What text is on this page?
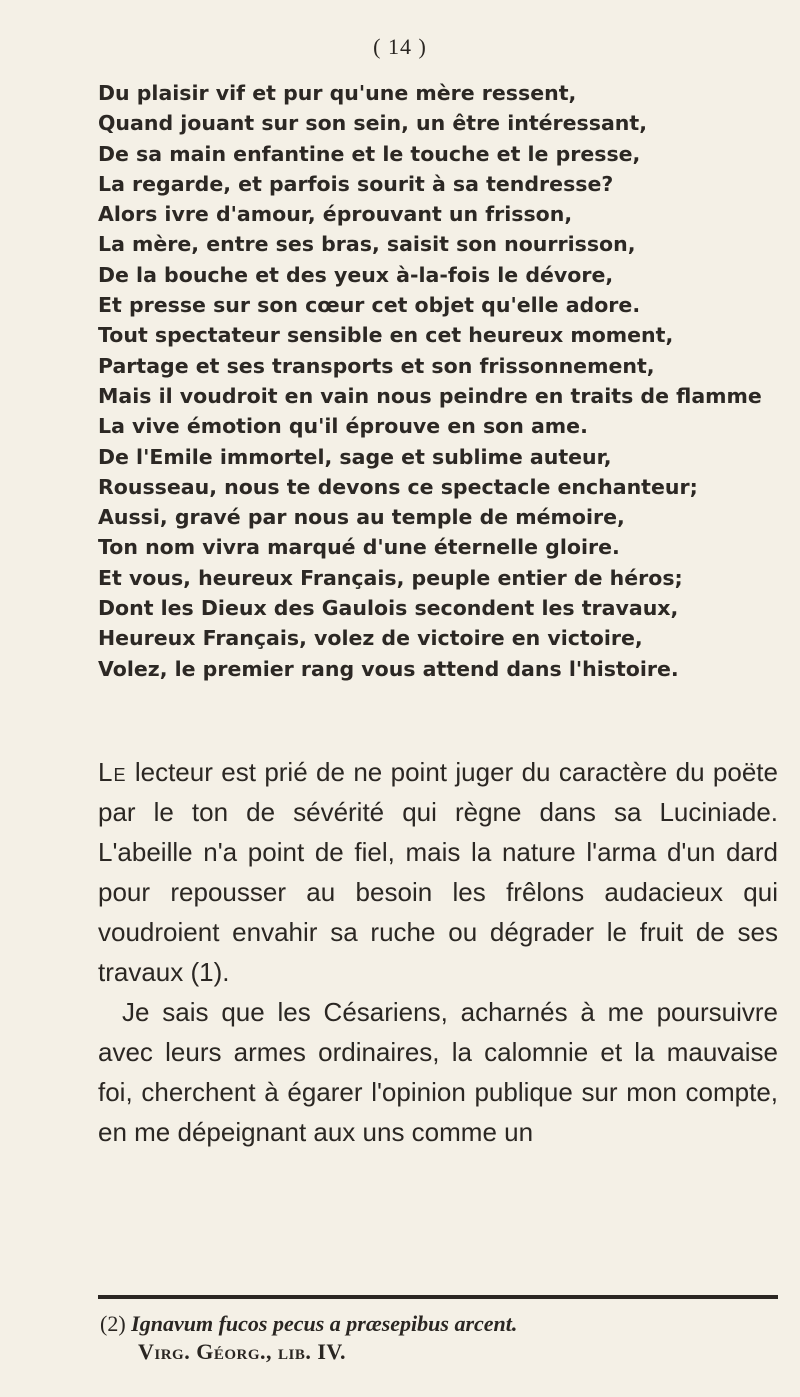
( 14 )
Du plaisir vif et pur qu'une mère ressent,
Quand jouant sur son sein, un être intéressant,
De sa main enfantine et le touche et le presse,
La regarde, et parfois sourit à sa tendresse?
Alors ivre d'amour, éprouvant un frisson,
La mère, entre ses bras, saisit son nourrisson,
De la bouche et des yeux à-la-fois le dévore,
Et presse sur son cœur cet objet qu'elle adore.
Tout spectateur sensible en cet heureux moment,
Partage et ses transports et son frissonnement,
Mais il voudroit en vain nous peindre en traits de flamme
La vive émotion qu'il éprouve en son ame.
De l'Emile immortel, sage et sublime auteur,
Rousseau, nous te devons ce spectacle enchanteur;
Aussi, gravé par nous au temple de mémoire,
Ton nom vivra marqué d'une éternelle gloire.
Et vous, heureux Français, peuple entier de héros;
Dont les Dieux des Gaulois secondent les travaux,
Heureux Français, volez de victoire en victoire,
Volez, le premier rang vous attend dans l'histoire.

Le lecteur est prié de ne point juger du caractère du poëte par le ton de sévérité qui règne dans sa Luciniade. L'abeille n'a point de fiel, mais la nature l'arma d'un dard pour repousser au besoin les frêlons audacieux qui voudroient envahir sa ruche ou dégrader le fruit de ses travaux (1).

Je sais que les Césariens, acharnés à me poursuivre avec leurs armes ordinaires, la calomnie et la mauvaise foi, cherchent à égarer l'opinion publique sur mon compte, en me dépeignant aux uns comme un

(2) Ignavum fucos pecus a præsepibus arcent.
Virg. Géorg., lib. IV.
